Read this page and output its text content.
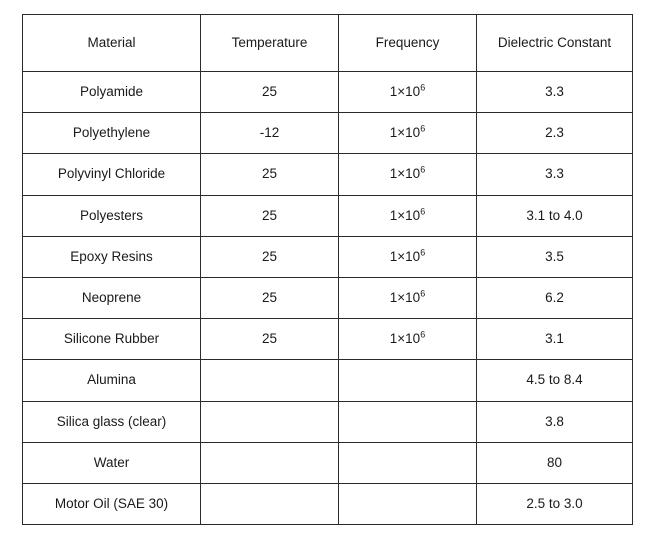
Material	Temperature	Frequency	Dielectric Constant
Polyamide	25	$1\times 10^6$	3.3
Polyethylene	-12	$1\times 10^6$	2.3
Polyvinyl Chloride	25	$1\times 10^6$	3.3
Polyesters	25	$1\times 10^6$	3.1 to 4.0
Epoxy Resins	25	$1\times 10^6$	3.5
Neoprene	25	$1\times 10^6$	6.2
Silicone Rubber	25	$1\times 10^6$	3.1
Alumina			4.5 to 8.4
Silica glass (clear)			3.8
Water			80
Motor Oil (SAE 30)			2.5 to 3.0
